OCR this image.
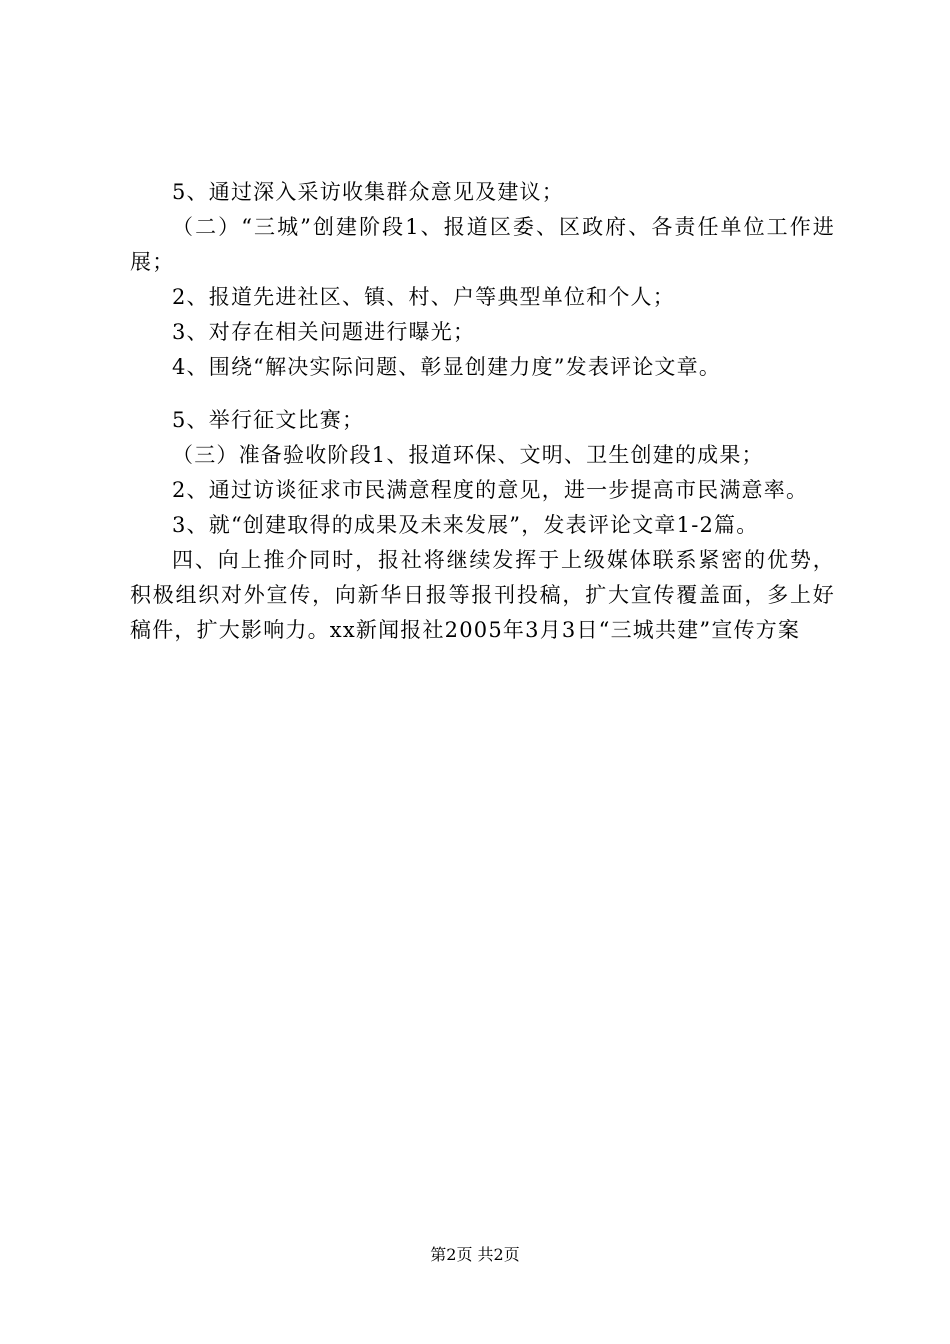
5、通过深入采访收集群众意见及建议；

（二）“三城”创建阶段1、报道区委、区政府、各责任单位工作进展；

2、报道先进社区、镇、村、户等典型单位和个人；

3、对存在相关问题进行曝光；

4、围绕“解决实际问题、彰显创建力度”发表评论文章。

5、举行征文比赛；

（三）准备验收阶段1、报道环保、文明、卫生创建的成果；

2、通过访谈征求市民满意程度的意见，进一步提高市民满意率。

3、就“创建取得的成果及未来发展”，发表评论文章1-2篇。

四、向上推介同时，报社将继续发挥于上级媒体联系紧密的优势，积极组织对外宣传，向新华日报等报刊投稿，扩大宣传覆盖面，多上好稿件，扩大影响力。xx新闻报社2005年3月3日“三城共建”宣传方案

第2页 共2页
